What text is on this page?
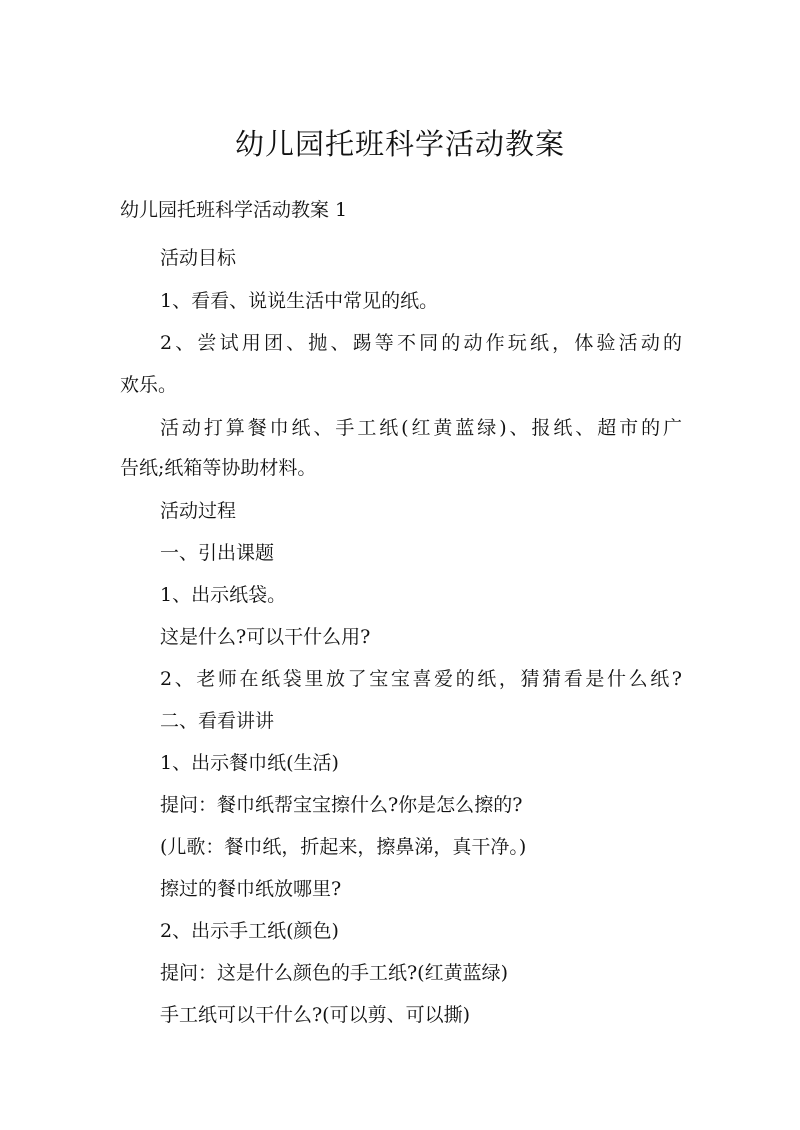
幼儿园托班科学活动教案

幼儿园托班科学活动教案 1

活动目标

1、看看、说说生活中常见的纸。

2、尝试用团、抛、踢等不同的动作玩纸，体验活动的

欢乐。

活动打算餐巾纸、手工纸(红黄蓝绿)、报纸、超市的广

告纸;纸箱等协助材料。

活动过程

一、引出课题

1、出示纸袋。

这是什么?可以干什么用?

2、老师在纸袋里放了宝宝喜爱的纸，猜猜看是什么纸?

二、看看讲讲

1、出示餐巾纸(生活)

提问：餐巾纸帮宝宝擦什么?你是怎么擦的?

(儿歌：餐巾纸，折起来，擦鼻涕，真干净。)

擦过的餐巾纸放哪里?

2、出示手工纸(颜色)

提问：这是什么颜色的手工纸?(红黄蓝绿)

手工纸可以干什么?(可以剪、可以撕)
